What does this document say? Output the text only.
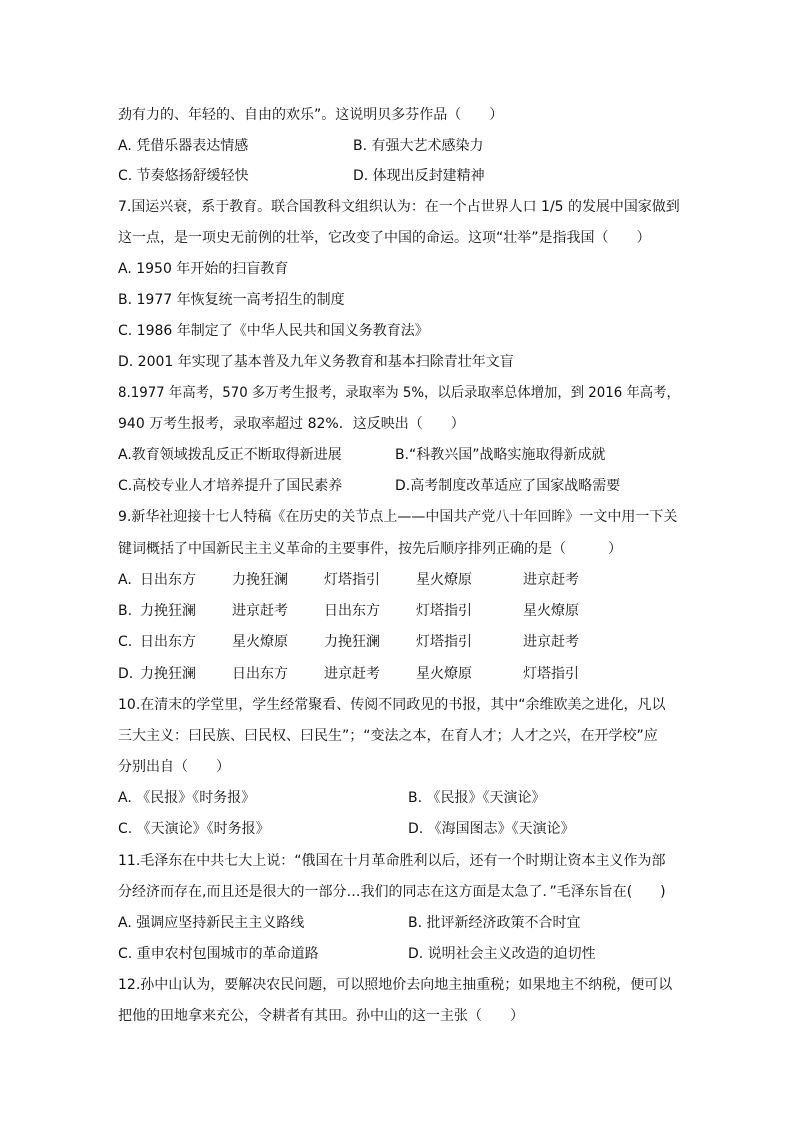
劲有力的、年轻的、自由的欢乐”。这说明贝多芬作品（　　）
A. 凭借乐器表达情感	B. 有强大艺术感染力
C. 节奏悠扬舒缓轻快	D. 体现出反封建精神
7.国运兴衰，系于教育。联合国教科文组织认为：在一个占世界人口 1/5 的发展中国家做到
这一点，是一项史无前例的壮举，它改变了中国的命运。这项“壮举”是指我国（　　）
A. 1950 年开始的扫盲教育
B. 1977 年恢复统一高考招生的制度
C. 1986 年制定了《中华人民共和国义务教育法》
D. 2001 年实现了基本普及九年义务教育和基本扫除青壮年文盲
8.1977 年高考，570 多万考生报考，录取率为 5%，以后录取率总体增加，到 2016 年高考，
940 万考生报考，录取率超过 82%．这反映出（　　）
A.教育领域拨乱反正不断取得新进展	B.“科教兴国”战略实施取得新成就
C.高校专业人才培养提升了国民素养	D.高考制度改革适应了国家战略需要
9.新华社迎接十七人特稿《在历史的关节点上——中国共产党八十年回眸》一文中用一下关
键词概括了中国新民主主义革命的主要事件，按先后顺序排列正确的是（　　　）
A. 日出东方	力挽狂澜	灯塔指引	星火燎原	进京赶考
B. 力挽狂澜	进京赶考	日出东方	灯塔指引	星火燎原
C. 日出东方	星火燎原	力挽狂澜	灯塔指引	进京赶考
D. 力挽狂澜	日出东方	进京赶考	星火燎原	灯塔指引
10.在清末的学堂里，学生经常聚看、传阅不同政见的书报，其中“余维欧美之进化，凡以
三大主义：曰民族、曰民权、曰民生”；“变法之本，在育人才；人才之兴，在开学校”应
分别出自（　　）
A. 《民报》《时务报》	B. 《民报》《天演论》
C. 《天演论》《时务报》	D. 《海国图志》《天演论》
11.毛泽东在中共七大上说：“俄国在十月革命胜利以后，还有一个时期让资本主义作为部
分经济而存在,而且还是很大的一部分…我们的同志在这方面是太急了．”毛泽东旨在(　　)
A. 强调应坚持新民主主义路线	B. 批评新经济政策不合时宜
C. 重申农村包围城市的革命道路	D. 说明社会主义改造的迫切性
12.孙中山认为，要解决农民问题，可以照地价去向地主抽重税；如果地主不纳税，便可以
把他的田地拿来充公，令耕者有其田。孙中山的这一主张（　　）
